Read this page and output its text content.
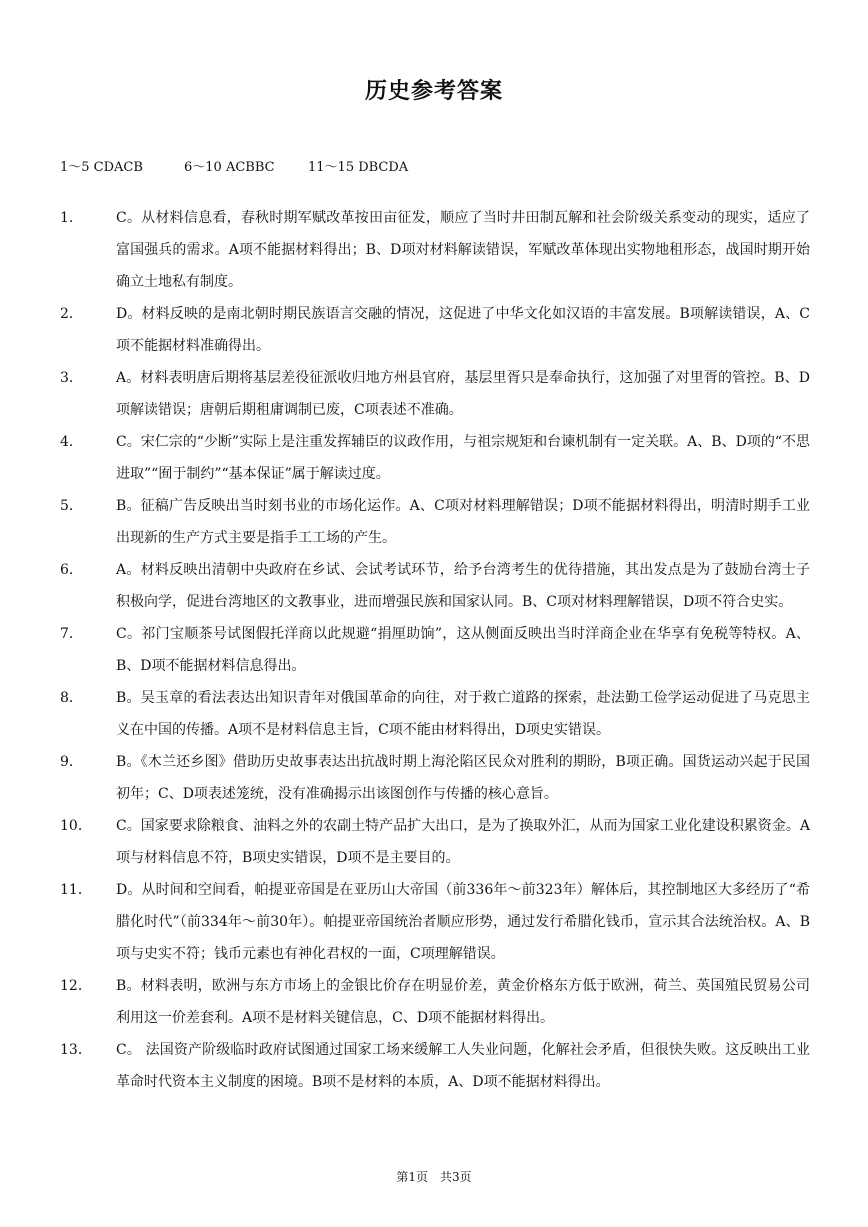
历史参考答案
1～5 CDACB	6～10 ACBBC	11～15 DBCDA
1．	C。从材料信息看，春秋时期军赋改革按田亩征发，顺应了当时井田制瓦解和社会阶级关系变动的现实，适应了富国强兵的需求。A项不能据材料得出；B、D项对材料解读错误，军赋改革体现出实物地租形态，战国时期开始确立土地私有制度。
2．	D。材料反映的是南北朝时期民族语言交融的情况，这促进了中华文化如汉语的丰富发展。B项解读错误，A、C项不能据材料准确得出。
3．	A。材料表明唐后期将基层差役征派收归地方州县官府，基层里胥只是奉命执行，这加强了对里胥的管控。B、D项解读错误；唐朝后期租庸调制已废，C项表述不准确。
4．	C。宋仁宗的“少断”实际上是注重发挥辅臣的议政作用，与祖宗规矩和台谏机制有一定关联。A、B、D项的“不思进取”“囿于制约”“基本保证”属于解读过度。
5．	B。征稿广告反映出当时刻书业的市场化运作。A、C项对材料理解错误；D项不能据材料得出，明清时期手工业出现新的生产方式主要是指手工工场的产生。
6．	A。材料反映出清朝中央政府在乡试、会试考试环节，给予台湾考生的优待措施，其出发点是为了鼓励台湾士子积极向学，促进台湾地区的文教事业，进而增强民族和国家认同。B、C项对材料理解错误，D项不符合史实。
7．	C。祁门宝顺茶号试图假托洋商以此规避“捐厘助饷”，这从侧面反映出当时洋商企业在华享有免税等特权。A、B、D项不能据材料信息得出。
8．	B。吴玉章的看法表达出知识青年对俄国革命的向往，对于救亡道路的探索，赴法勤工俭学运动促进了马克思主义在中国的传播。A项不是材料信息主旨，C项不能由材料得出，D项史实错误。
9．	B。《木兰还乡图》借助历史故事表达出抗战时期上海沦陷区民众对胜利的期盼，B项正确。国货运动兴起于民国初年；C、D项表述笼统，没有准确揭示出该图创作与传播的核心意旨。
10．	C。国家要求除粮食、油料之外的农副土特产品扩大出口，是为了换取外汇，从而为国家工业化建设积累资金。A项与材料信息不符，B项史实错误，D项不是主要目的。
11．	D。从时间和空间看，帕提亚帝国是在亚历山大帝国（前336年～前323年）解体后，其控制地区大多经历了“希腊化时代”（前334年～前30年）。帕提亚帝国统治者顺应形势，通过发行希腊化钱币，宣示其合法统治权。A、B项与史实不符；钱币元素也有神化君权的一面，C项理解错误。
12．	B。材料表明，欧洲与东方市场上的金银比价存在明显价差，黄金价格东方低于欧洲，荷兰、英国殖民贸易公司利用这一价差套利。A项不是材料关键信息，C、D项不能据材料得出。
13．	C。 法国资产阶级临时政府试图通过国家工场来缓解工人失业问题，化解社会矛盾，但很快失败。这反映出工业革命时代资本主义制度的困境。B项不是材料的本质，A、D项不能据材料得出。
第1页　共3页
